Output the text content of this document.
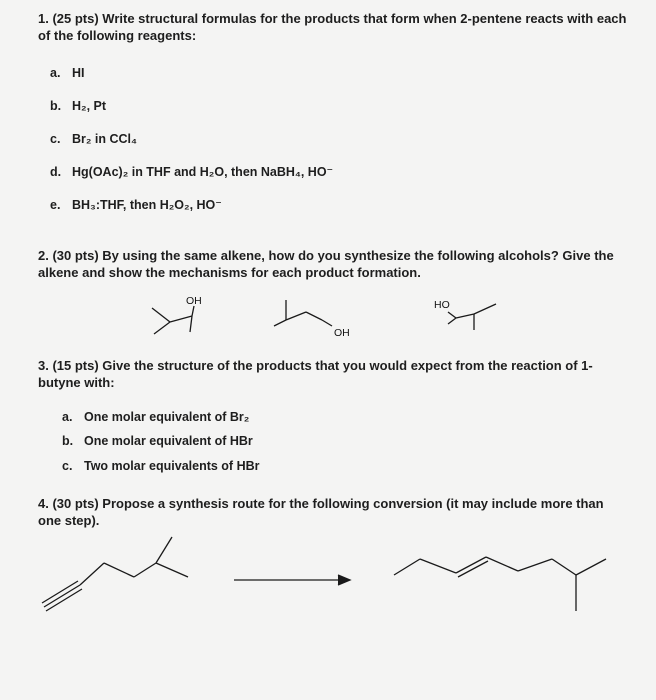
1. (25 pts) Write structural formulas for the products that form when 2-pentene reacts with each of the following reagents:
a. HI
b. H₂, Pt
c. Br₂ in CCl₄
d. Hg(OAc)₂ in THF and H₂O, then NaBH₄, HO⁻
e. BH₃:THF, then H₂O₂, HO⁻
2. (30 pts) By using the same alkene, how do you synthesize the following alcohols? Give the alkene and show the mechanisms for each product formation.
OH
OH
HO
3. (15 pts) Give the structure of the products that you would expect from the reaction of 1-butyne with:
a. One molar equivalent of Br₂
b. One molar equivalent of HBr
c. Two molar equivalents of HBr
4. (30 pts) Propose a synthesis route for the following conversion (it may include more than one step).
